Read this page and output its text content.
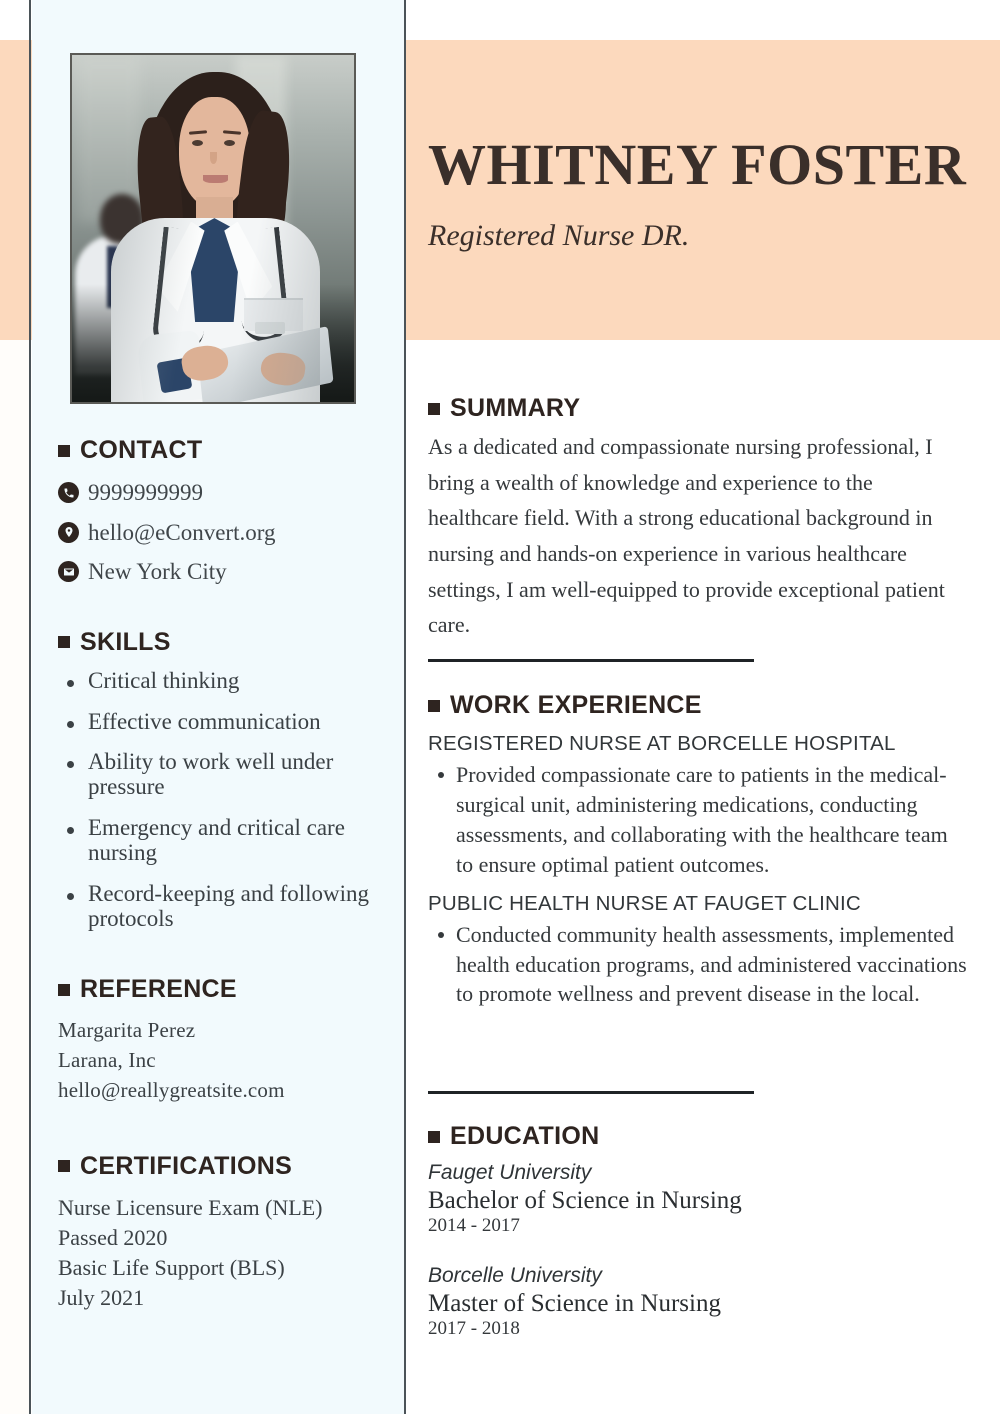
WHITNEY FOSTER
Registered Nurse DR.
CONTACT
9999999999
hello@eConvert.org
New York City
SKILLS
Critical thinking
Effective communication
Ability to work well under pressure
Emergency and critical care nursing
Record-keeping and following protocols
REFERENCE
Margarita Perez
Larana, Inc
hello@reallygreatsite.com
CERTIFICATIONS
Nurse Licensure Exam (NLE)
Passed 2020
Basic Life Support (BLS)
July 2021
SUMMARY
As a dedicated and compassionate nursing professional, I bring a wealth of knowledge and experience to the healthcare field. With a strong educational background in nursing and hands-on experience in various healthcare settings, I am well-equipped to provide exceptional patient care.
WORK EXPERIENCE
REGISTERED NURSE AT BORCELLE HOSPITAL
Provided compassionate care to patients in the medical-surgical unit, administering medications, conducting assessments, and collaborating with the healthcare team to ensure optimal patient outcomes.
PUBLIC HEALTH NURSE AT FAUGET CLINIC
Conducted community health assessments, implemented health education programs, and administered vaccinations to promote wellness and prevent disease in the local.
EDUCATION
Fauget University
Bachelor of Science in Nursing
2014 - 2017
Borcelle University
Master of Science in Nursing
2017 - 2018
